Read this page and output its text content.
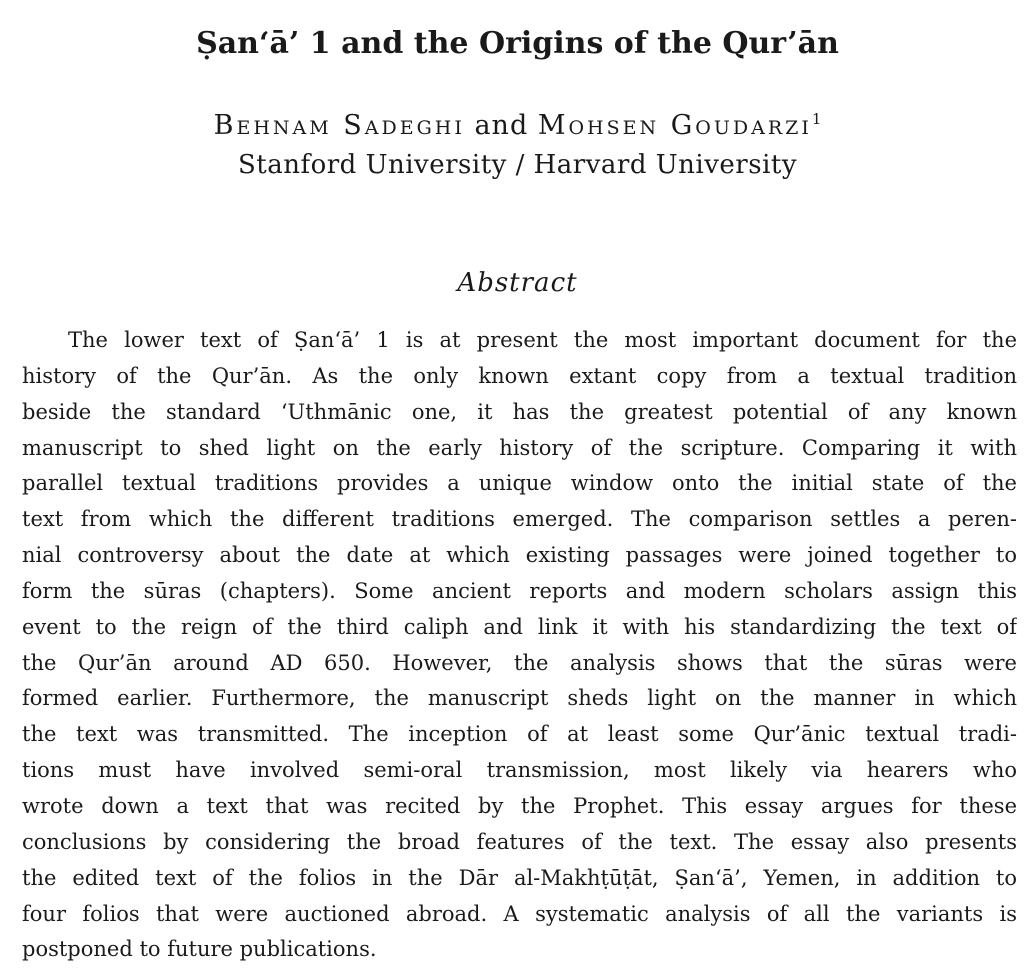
Ṣan‘ā’ 1 and the Origins of the Qur’ān
Behnam Sadeghi and Mohsen Goudarzi$^1$
Stanford University / Harvard University
Abstract
The lower text of Ṣan‘ā’ 1 is at present the most important document for the
history of the Qur’ān. As the only known extant copy from a textual tradition
beside the standard ‘Uthmānic one, it has the greatest potential of any known
manuscript to shed light on the early history of the scripture. Comparing it with
parallel textual traditions provides a unique window onto the initial state of the
text from which the different traditions emerged. The comparison settles a peren-
nial controversy about the date at which existing passages were joined together to
form the sūras (chapters). Some ancient reports and modern scholars assign this
event to the reign of the third caliph and link it with his standardizing the text of
the Qur’ān around AD 650. However, the analysis shows that the sūras were
formed earlier. Furthermore, the manuscript sheds light on the manner in which
the text was transmitted. The inception of at least some Qur’ānic textual tradi-
tions must have involved semi-oral transmission, most likely via hearers who
wrote down a text that was recited by the Prophet. This essay argues for these
conclusions by considering the broad features of the text. The essay also presents
the edited text of the folios in the Dār al-Makhṭūṭāt, Ṣan‘ā’, Yemen, in addition to
four folios that were auctioned abroad. A systematic analysis of all the variants is
postponed to future publications.
